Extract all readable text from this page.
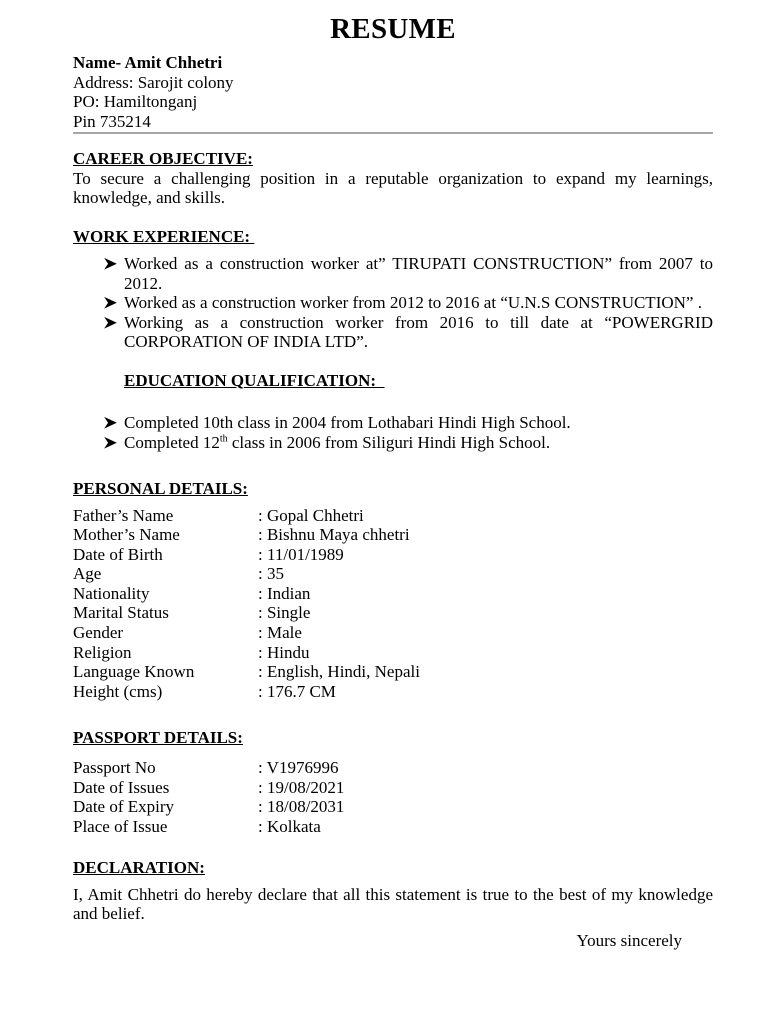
RESUME

Name- Amit Chhetri

Address: Sarojit colony

PO: Hamiltonganj

Pin 735214

CAREER OBJECTIVE:

To secure a challenging position in a reputable organization to expand my learnings, knowledge, and skills.

WORK EXPERIENCE:

Worked as a construction worker at” TIRUPATI CONSTRUCTION” from 2007 to 2012.
Worked as a construction worker from 2012 to 2016 at “U.N.S CONSTRUCTION” .
Working as a construction worker from 2016 to till date at “POWERGRID CORPORATION OF INDIA LTD”.

EDUCATION QUALIFICATION:

Completed 10th class in 2004 from Lothabari Hindi High School.
Completed 12th class in 2006 from Siliguri Hindi High School.

PERSONAL DETAILS:

Father’s Name	: Gopal Chhetri
Mother’s Name	: Bishnu Maya chhetri
Date of Birth	: 11/01/1989
Age	: 35
Nationality	: Indian
Marital Status	: Single
Gender	: Male
Religion	: Hindu
Language Known	: English, Hindi, Nepali
Height (cms)	: 176.7 CM

PASSPORT DETAILS:

Passport No	: V1976996
Date of Issues	: 19/08/2021
Date of Expiry	: 18/08/2031
Place of Issue	: Kolkata

DECLARATION:

I, Amit Chhetri do hereby declare that all this statement is true to the best of my knowledge and belief.

Yours sincerely
